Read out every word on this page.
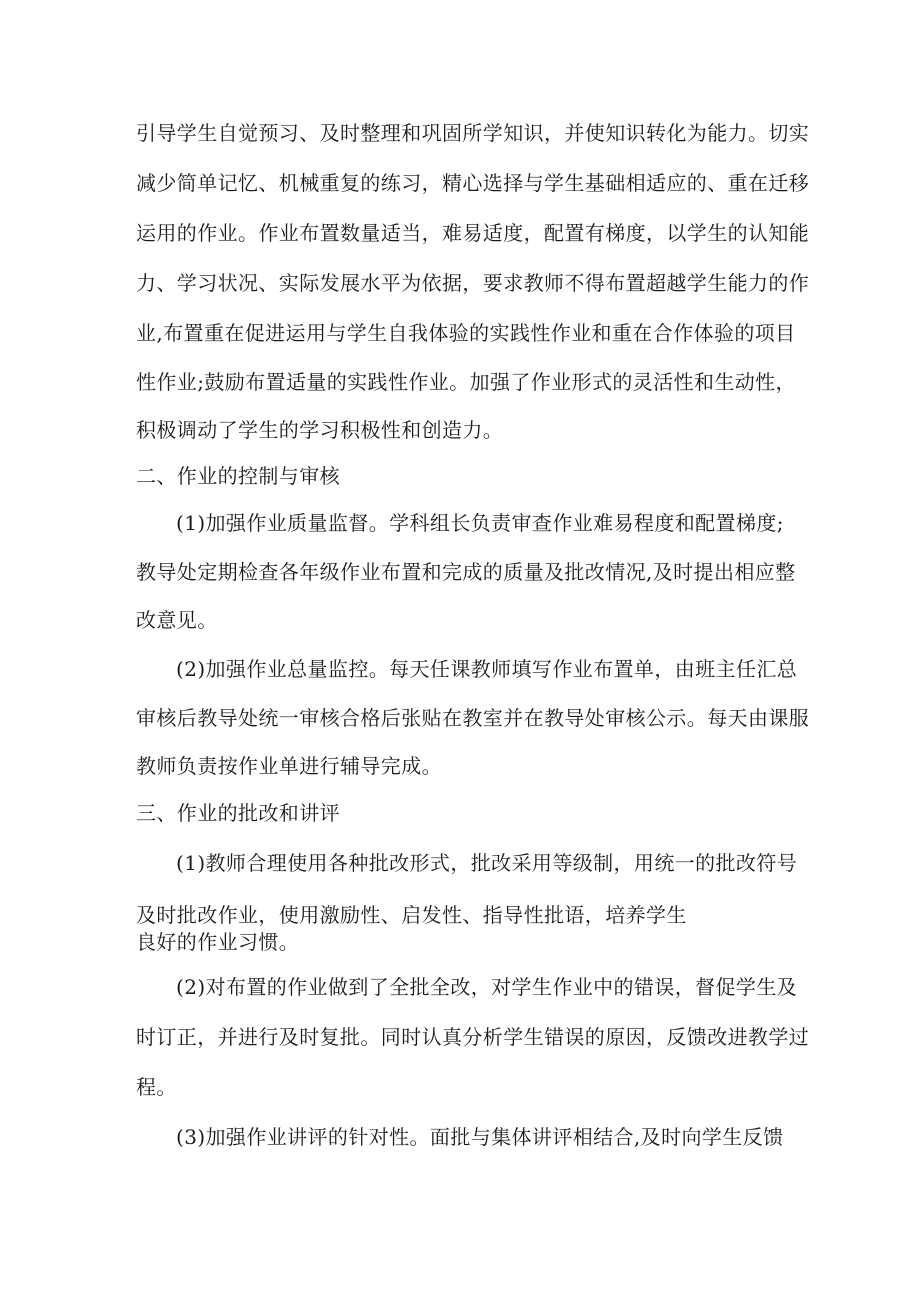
引导学生自觉预习、及时整理和巩固所学知识，并使知识转化为能力。切实
减少简单记忆、机械重复的练习，精心选择与学生基础相适应的、重在迁移
运用的作业。作业布置数量适当，难易适度，配置有梯度，以学生的认知能
力、学习状况、实际发展水平为依据，要求教师不得布置超越学生能力的作
业,布置重在促进运用与学生自我体验的实践性作业和重在合作体验的项目
性作业;鼓励布置适量的实践性作业。加强了作业形式的灵活性和生动性，
积极调动了学生的学习积极性和创造力。
二、作业的控制与审核
(1)加强作业质量监督。学科组长负责审查作业难易程度和配置梯度;
教导处定期检查各年级作业布置和完成的质量及批改情况,及时提出相应整
改意见。
(2)加强作业总量监控。每天任课教师填写作业布置单，由班主任汇总
审核后教导处统一审核合格后张贴在教室并在教导处审核公示。每天由课服
教师负责按作业单进行辅导完成。
三、作业的批改和讲评
(1)教师合理使用各种批改形式，批改采用等级制，用统一的批改符号
及时批改作业，使用激励性、启发性、指导性批语，培养学生
良好的作业习惯。
(2)对布置的作业做到了全批全改，对学生作业中的错误，督促学生及
时订正，并进行及时复批。同时认真分析学生错误的原因，反馈改进教学过
程。
(3)加强作业讲评的针对性。面批与集体讲评相结合,及时向学生反馈
